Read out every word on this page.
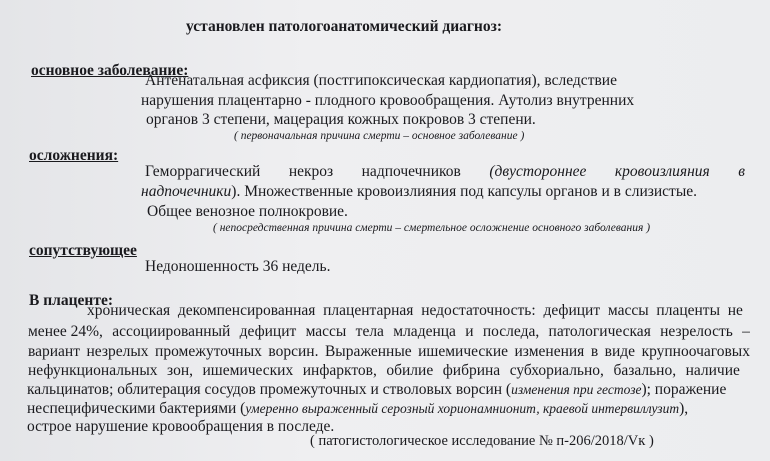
установлен патологоанатомический диагноз:
основное заболевание:
Антенатальная асфиксия (постгипоксическая кардиопатия), вследствие
нарушения плацентарно - плодного кровообращения. Аутолиз внутренних
органов 3 степени, мацерация кожных покровов 3 степени.
( первоначальная причина смерти – основное заболевание )
осложнения:
Геморрагический некроз надпочечников (двустороннее кровоизлияния в
надпочечники). Множественные кровоизлияния под капсулы органов и в слизистые.
Общее венозное полнокровие.
( непосредственная причина смерти – смертельное осложнение основного заболевания )
сопутствующее
Недоношенность 36 недель.
В плаценте:
хроническая декомпенсированная плацентарная недостаточность: дефицит массы плаценты не
менее 24%, ассоциированный дефицит массы тела младенца и последа, патологическая незрелость –
вариант незрелых промежуточных ворсин. Выраженные ишемические изменения в виде крупноочаговых
нефункциональных зон, ишемических инфарктов, обилие фибрина субхориально, базально, наличие
кальцинатов; облитерация сосудов промежуточных и стволовых ворсин (изменения при гестозе); поражение
неспецифическими бактериями (умеренно выраженный серозный хорионамнионит, краевой интервиллузит),
острое нарушение кровообращения в последе.
( патогистологическое исследование № п-206/2018/Vк )
